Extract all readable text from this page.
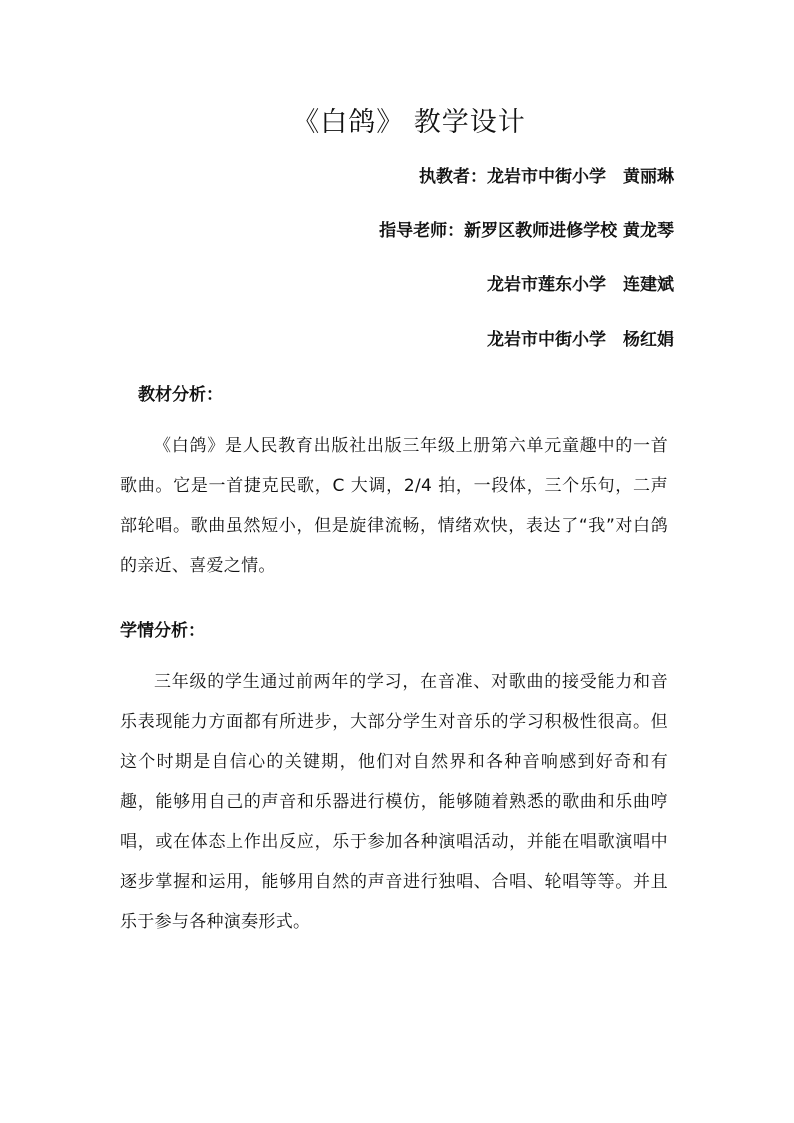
《白鸽》 教学设计
执教者：龙岩市中街小学　黄丽琳
指导老师：新罗区教师进修学校 黄龙琴
龙岩市莲东小学　连建斌
龙岩市中街小学　杨红娟
教材分析：
《白鸽》是人民教育出版社出版三年级上册第六单元童趣中的一首歌曲。它是一首捷克民歌，C 大调，2/4 拍，一段体，三个乐句，二声部轮唱。歌曲虽然短小，但是旋律流畅，情绪欢快，表达了“我”对白鸽的亲近、喜爱之情。
学情分析：
三年级的学生通过前两年的学习，在音准、对歌曲的接受能力和音乐表现能力方面都有所进步，大部分学生对音乐的学习积极性很高。但这个时期是自信心的关键期，他们对自然界和各种音响感到好奇和有趣，能够用自己的声音和乐器进行模仿，能够随着熟悉的歌曲和乐曲哼唱，或在体态上作出反应，乐于参加各种演唱活动，并能在唱歌演唱中逐步掌握和运用，能够用自然的声音进行独唱、合唱、轮唱等等。并且乐于参与各种演奏形式。
